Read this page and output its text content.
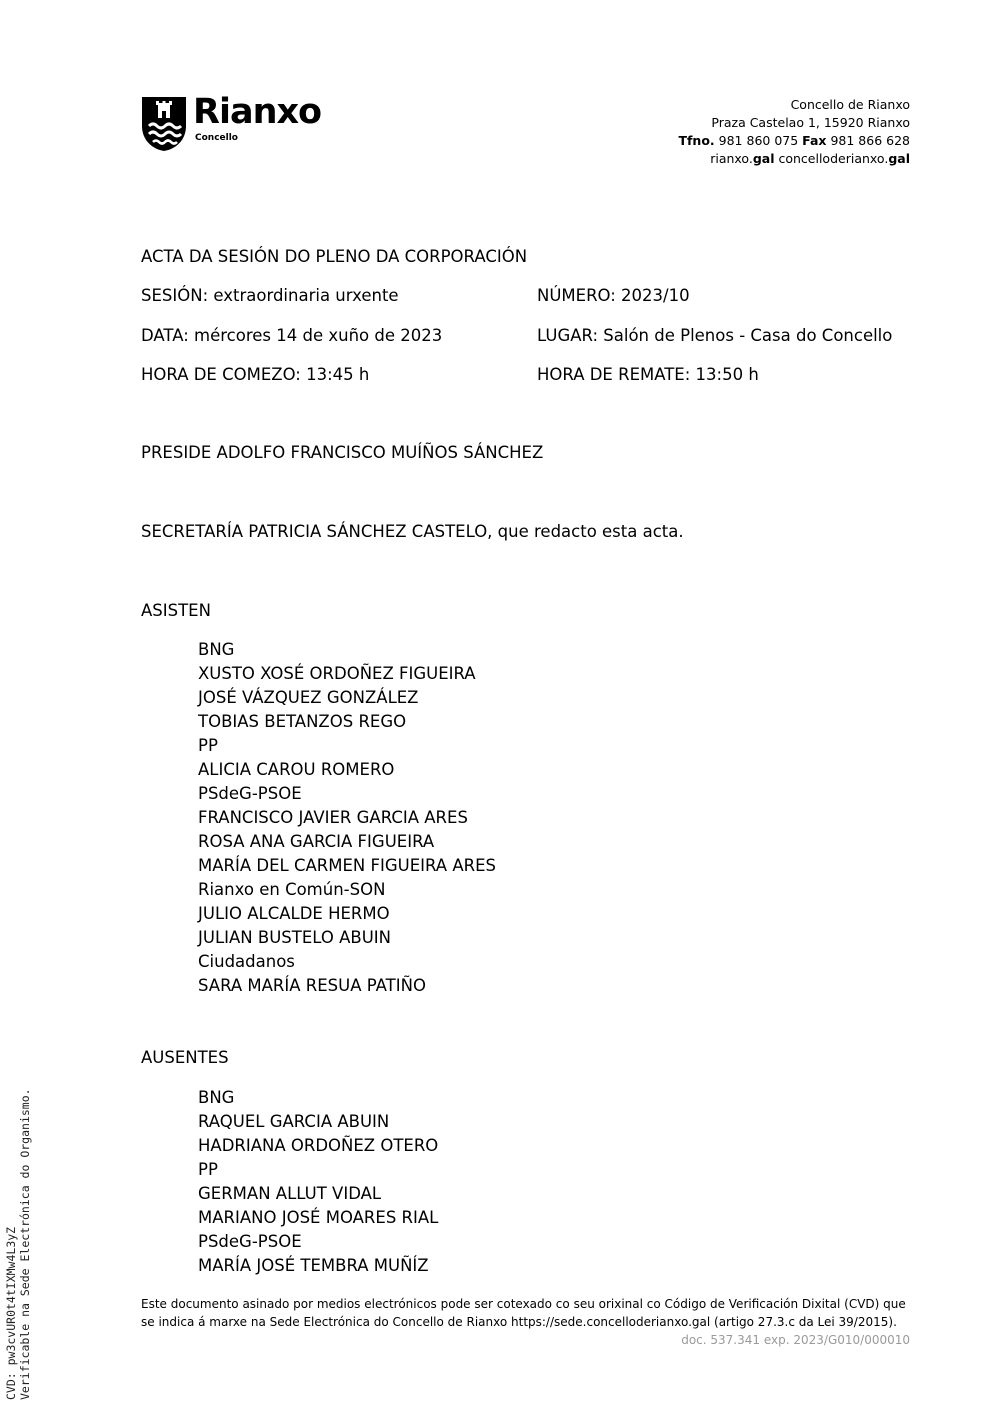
Rianxo
Concello
Concello de Rianxo
Praza Castelao 1, 15920 Rianxo
Tfno. 981 860 075 Fax 981 866 628
rianxo.gal concelloderianxo.gal
ACTA DA SESIÓN DO PLENO DA CORPORACIÓN
SESIÓN: extraordinaria urxente	NÚMERO: 2023/10
DATA: mércores 14 de xuño de 2023	LUGAR: Salón de Plenos - Casa do Concello
HORA DE COMEZO: 13:45 h	HORA DE REMATE: 13:50 h
PRESIDE ADOLFO FRANCISCO MUÍÑOS SÁNCHEZ
SECRETARÍA PATRICIA SÁNCHEZ CASTELO, que redacto esta acta.
ASISTEN
BNG
XUSTO XOSÉ ORDOÑEZ FIGUEIRA
JOSÉ VÁZQUEZ GONZÁLEZ
TOBIAS BETANZOS REGO
PP
ALICIA CAROU ROMERO
PSdeG-PSOE
FRANCISCO JAVIER GARCIA ARES
ROSA ANA GARCIA FIGUEIRA
MARÍA DEL CARMEN FIGUEIRA ARES
Rianxo en Común-SON
JULIO ALCALDE HERMO
JULIAN BUSTELO ABUIN
Ciudadanos
SARA MARÍA RESUA PATIÑO
AUSENTES
BNG
RAQUEL GARCIA ABUIN
HADRIANA ORDOÑEZ OTERO
PP
GERMAN ALLUT VIDAL
MARIANO JOSÉ MOARES RIAL
PSdeG-PSOE
MARÍA JOSÉ TEMBRA MUÑÍZ
Este documento asinado por medios electrónicos pode ser cotexado co seu orixinal co Código de Verificación Dixital (CVD) que se indica á marxe na Sede Electrónica do Concello de Rianxo https://sede.concelloderianxo.gal (artigo 27.3.c da Lei 39/2015).
doc. 537.341 exp. 2023/G010/000010
CVD: pw3cvUR0t4tIXMw4L3yZ Verificable na Sede Electrónica do Organismo.
